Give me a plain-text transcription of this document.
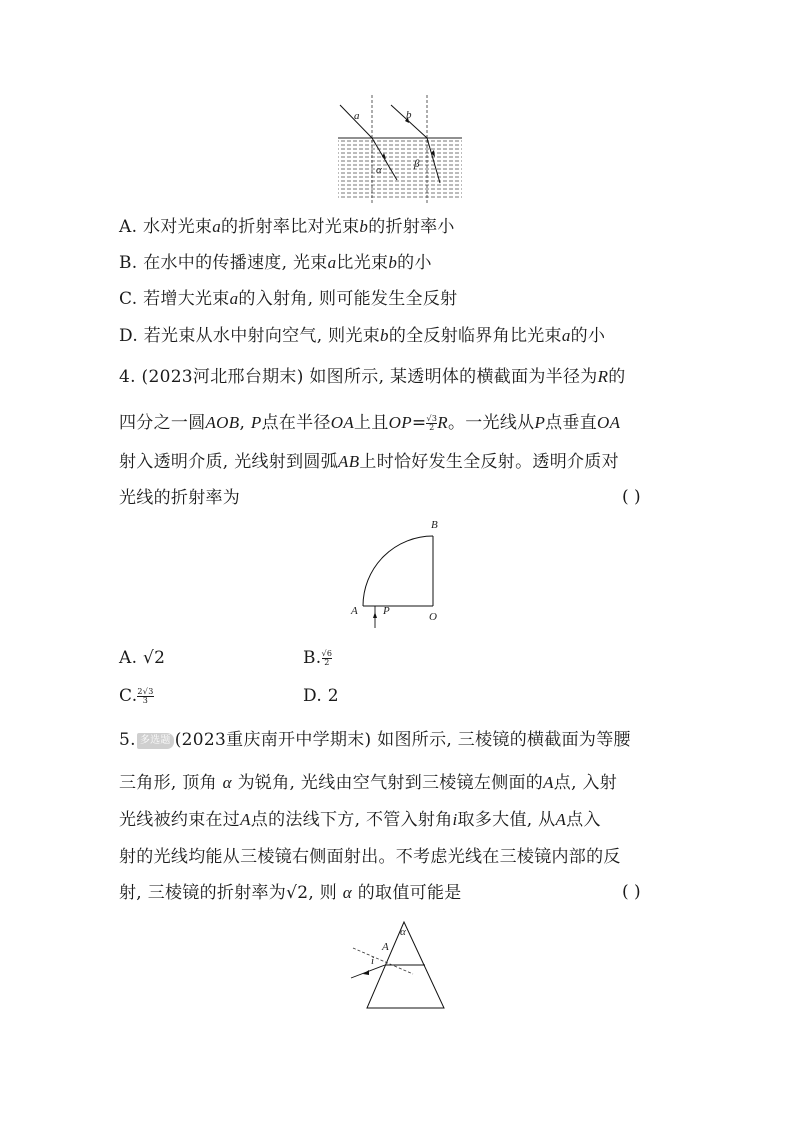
a	b
α	β
A. 水对光束a的折射率比对光束b的折射率小
B. 在水中的传播速度, 光束a比光束b的小
C. 若增大光束a的入射角, 则可能发生全反射
D. 若光束从水中射向空气, 则光束b的全反射临界角比光束a的小
4. (2023河北邢台期末) 如图所示, 某透明体的横截面为半径为R的
四分之一圆AOB, P点在半径OA上且$OP= \frac{√3}{2}$ R。一光线从P点垂直OA
射入透明介质, 光线射到圆弧AB上时恰好发生全反射。透明介质对
光线的折射率为	( )
A
B
O
P
A. √2	B. $\frac{√6}{2}$
C. $\frac{2√3}{3}$	D. 2
5. 多选题 (2023重庆南开中学期末) 如图所示, 三棱镜的横截面为等腰
三角形, 顶角 α 为锐角, 光线由空气射到三棱镜左侧面的A点, 入射
光线被约束在过A点的法线下方, 不管入射角i取多大值, 从A点入
射的光线均能从三棱镜右侧面射出。不考虑光线在三棱镜内部的反
射, 三棱镜的折射率为√2, 则 α 的取值可能是	( )
α
A
i
